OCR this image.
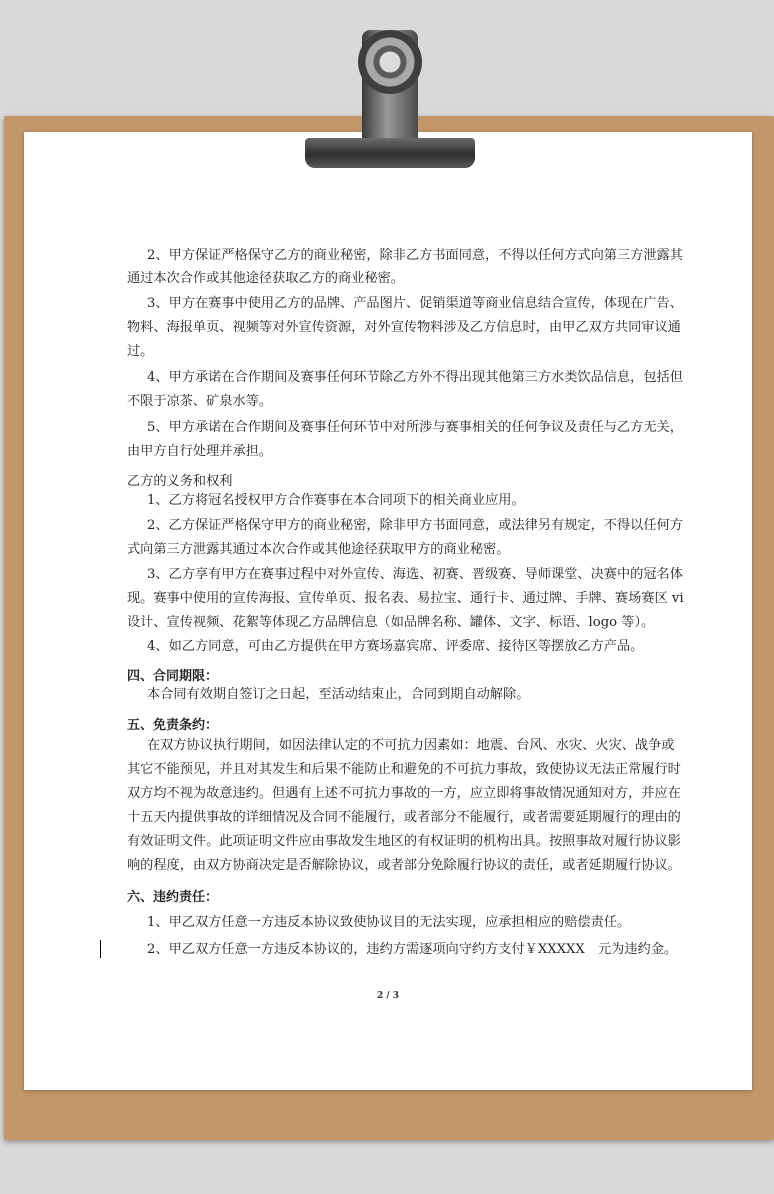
2、甲方保证严格保守乙方的商业秘密，除非乙方书面同意，不得以任何方式向第三方泄露其
通过本次合作或其他途径获取乙方的商业秘密。
3、甲方在赛事中使用乙方的品牌、产品图片、促销渠道等商业信息结合宣传，体现在广告、
物料、海报单页、视频等对外宣传资源，对外宣传物料涉及乙方信息时，由甲乙双方共同审议通
过。
4、甲方承诺在合作期间及赛事任何环节除乙方外不得出现其他第三方水类饮品信息，包括但
不限于凉茶、矿泉水等。
5、甲方承诺在合作期间及赛事任何环节中对所涉与赛事相关的任何争议及责任与乙方无关，
由甲方自行处理并承担。
乙方的义务和权利
1、乙方将冠名授权甲方合作赛事在本合同项下的相关商业应用。
2、乙方保证严格保守甲方的商业秘密，除非甲方书面同意，或法律另有规定，不得以任何方
式向第三方泄露其通过本次合作或其他途径获取甲方的商业秘密。
3、乙方享有甲方在赛事过程中对外宣传、海选、初赛、晋级赛、导师课堂、决赛中的冠名体
现。赛事中使用的宣传海报、宣传单页、报名表、易拉宝、通行卡、通过牌、手牌、赛场赛区 vi
设计、宣传视频、花絮等体现乙方品牌信息（如品牌名称、罐体、文字、标语、logo 等）。
4、如乙方同意，可由乙方提供在甲方赛场嘉宾席、评委席、接待区等摆放乙方产品。
四、合同期限：
本合同有效期自签订之日起，至活动结束止，合同到期自动解除。
五、免责条约：
在双方协议执行期间，如因法律认定的不可抗力因素如：地震、台风、水灾、火灾、战争或
其它不能预见，并且对其发生和后果不能防止和避免的不可抗力事故，致使协议无法正常履行时
双方均不视为故意违约。但遇有上述不可抗力事故的一方，应立即将事故情况通知对方，并应在
十五天内提供事故的详细情况及合同不能履行，或者部分不能履行，或者需要延期履行的理由的
有效证明文件。此项证明文件应由事故发生地区的有权证明的机构出具。按照事故对履行协议影
响的程度，由双方协商决定是否解除协议，或者部分免除履行协议的责任，或者延期履行协议。
六、违约责任：
1、甲乙双方任意一方违反本协议致使协议目的无法实现，应承担相应的赔偿责任。
2、甲乙双方任意一方违反本协议的，违约方需逐项向守约方支付￥XXXXX　元为违约金。
2 / 3
